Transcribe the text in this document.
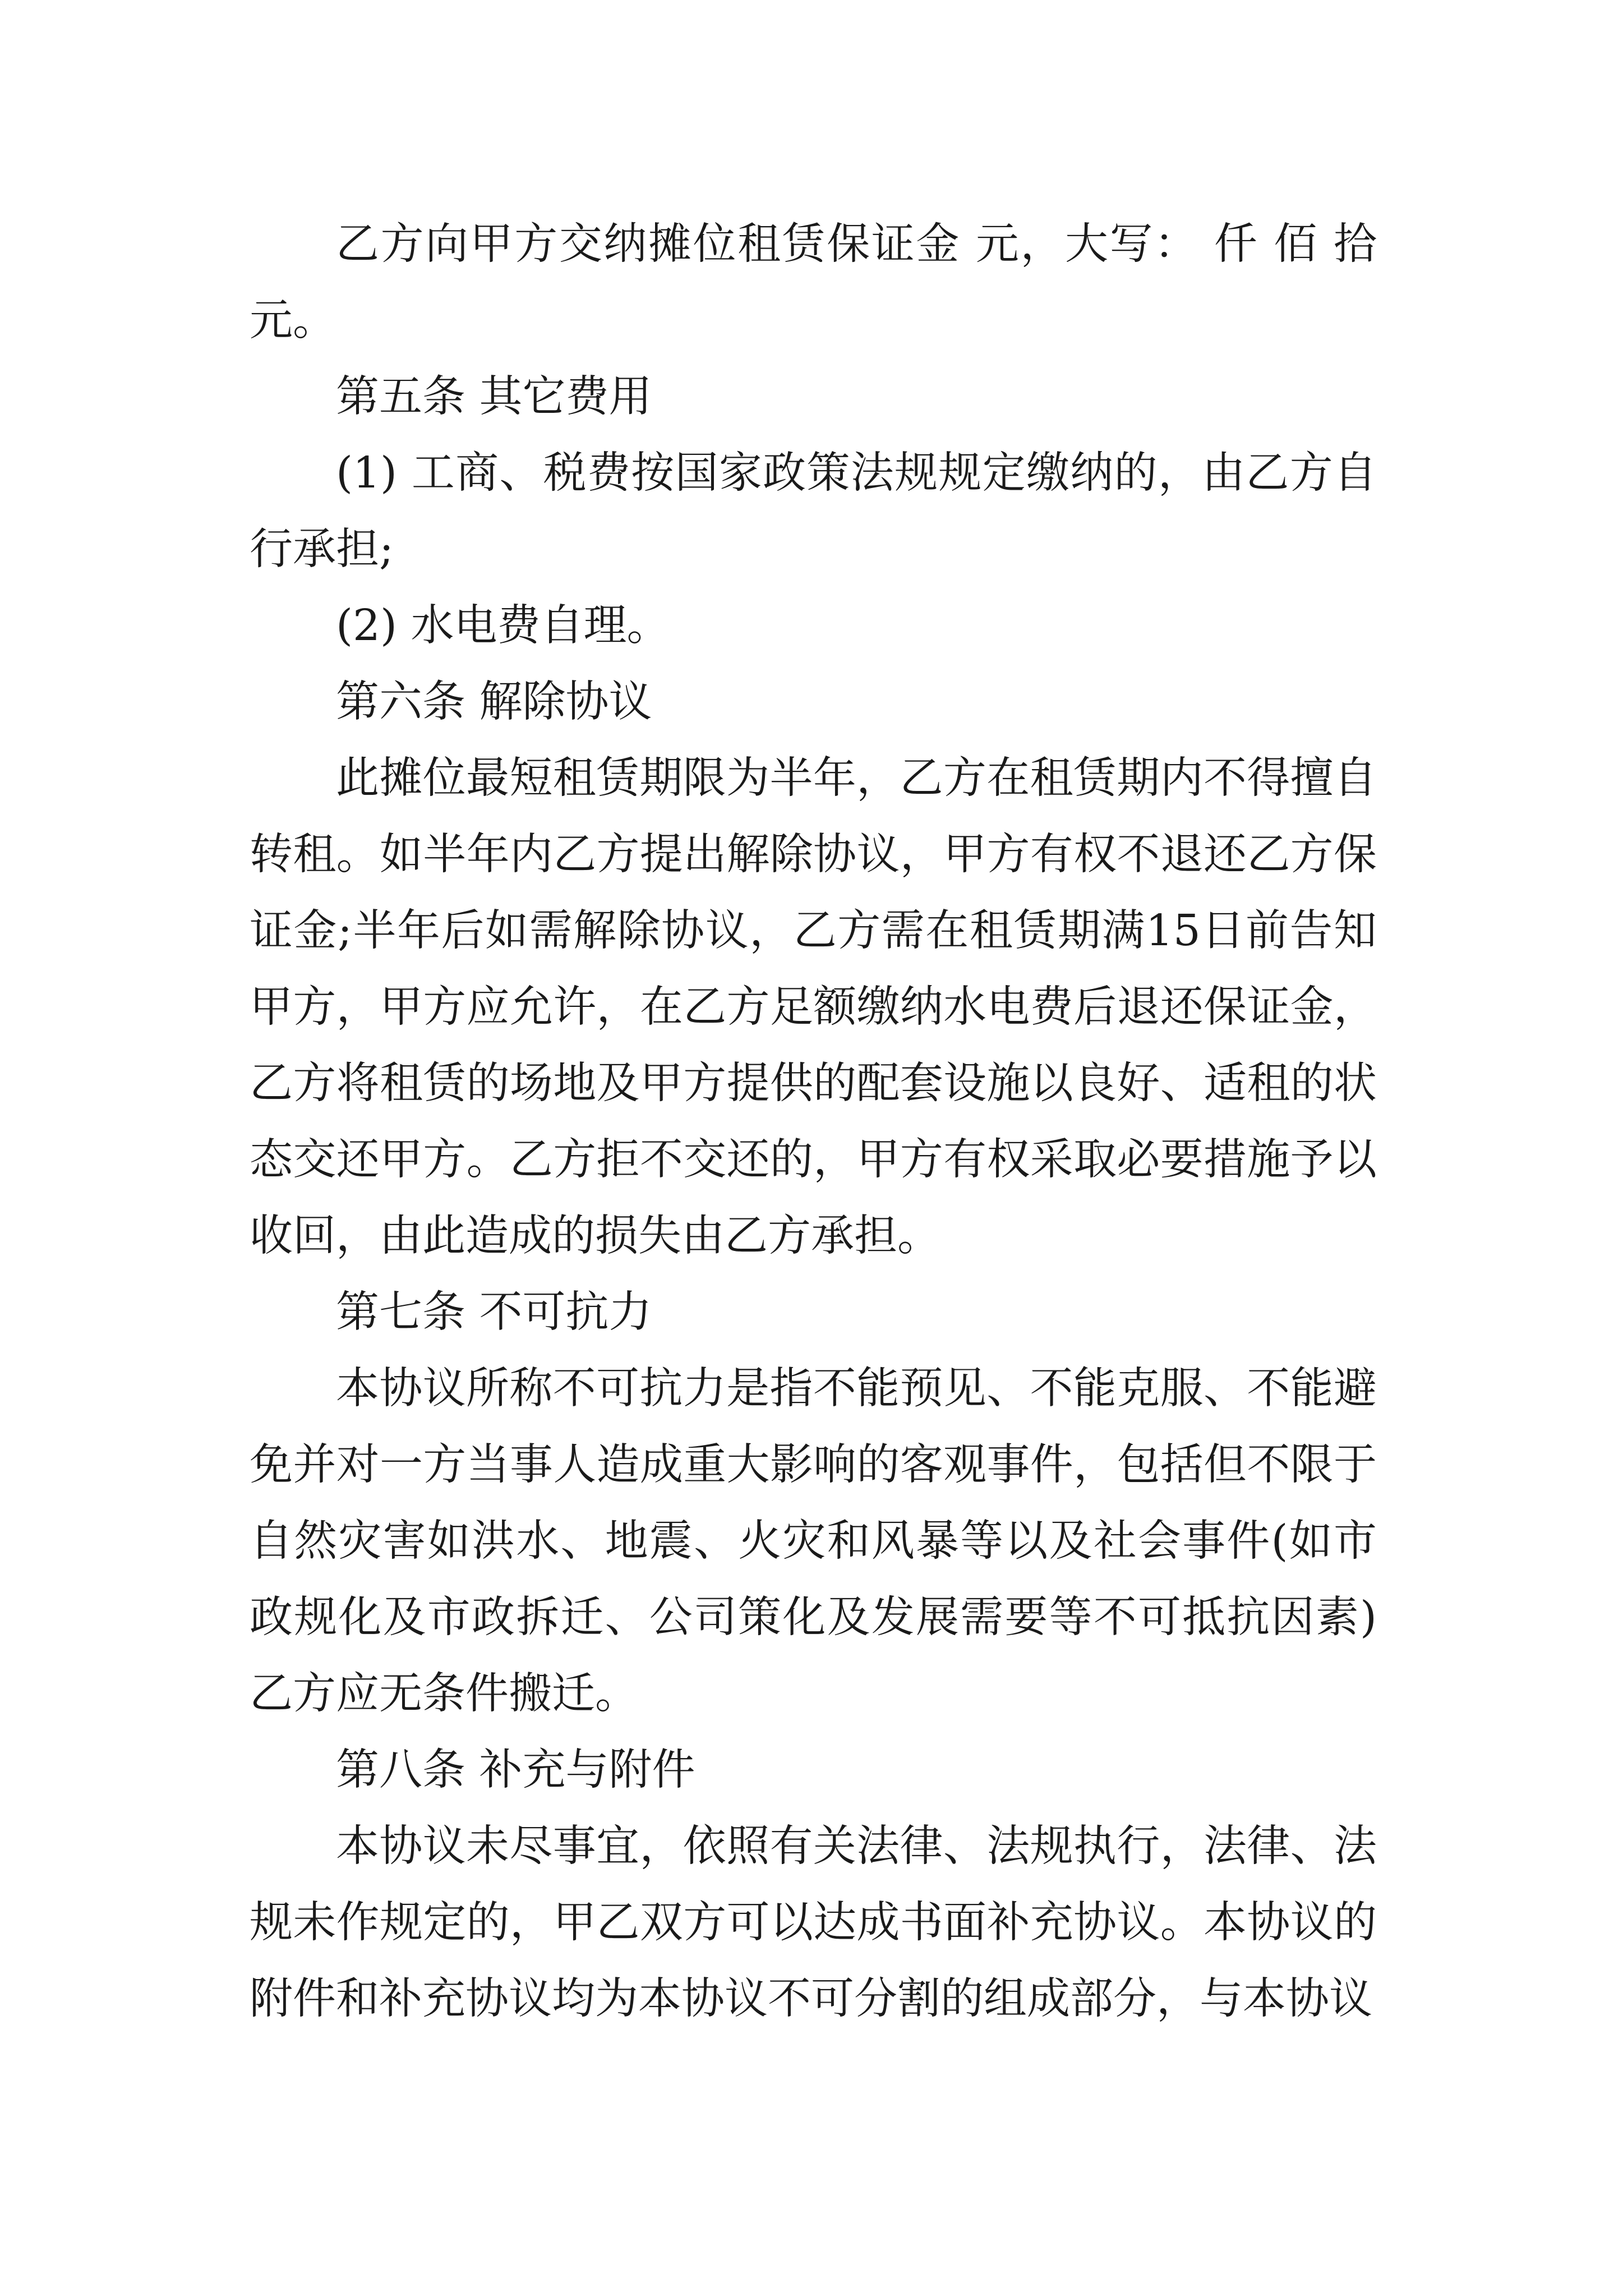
乙方向甲方交纳摊位租赁保证金 元，大写： 仟 佰 拾 元。

第五条 其它费用

(1) 工商、税费按国家政策法规规定缴纳的，由乙方自行承担;

(2) 水电费自理。

第六条 解除协议

此摊位最短租赁期限为半年，乙方在租赁期内不得擅自转租。如半年内乙方提出解除协议，甲方有权不退还乙方保证金;半年后如需解除协议，乙方需在租赁期满15日前告知甲方，甲方应允许，在乙方足额缴纳水电费后退还保证金，乙方将租赁的场地及甲方提供的配套设施以良好、适租的状态交还甲方。乙方拒不交还的，甲方有权采取必要措施予以收回，由此造成的损失由乙方承担。

第七条 不可抗力

本协议所称不可抗力是指不能预见、不能克服、不能避免并对一方当事人造成重大影响的客观事件，包括但不限于自然灾害如洪水、地震、火灾和风暴等以及社会事件(如市政规化及市政拆迁、公司策化及发展需要等不可抵抗因素)乙方应无条件搬迁。

第八条 补充与附件

本协议未尽事宜，依照有关法律、法规执行，法律、法规未作规定的，甲乙双方可以达成书面补充协议。本协议的附件和补充协议均为本协议不可分割的组成部分，与本协议
